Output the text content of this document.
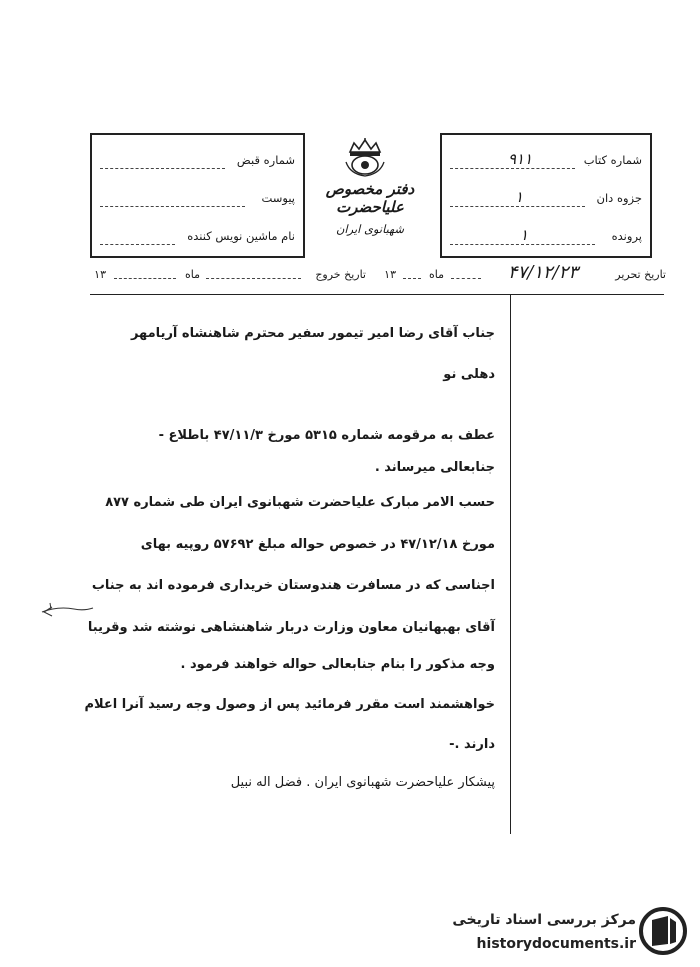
شماره کتاب
۹۱۱
جزوه دان
۱
پرونده
۱
دفتر مخصوص علیاحضرت
شهبانوی ایران
شماره قبض
پیوست
نام ماشین نویس کننده
تاریخ تحریر
۴۷/۱۲/۲۳
ماه
۱۳
تاریخ خروج
ماه
۱۳
جناب آقای رضا امیر تیمور سفیر محترم شاهنشاه آریامهر
دهلی نو
عطف به مرقومه شماره ۵۳۱۵ مورخ ۴۷/۱۱/۳ باطلاع -
جنابعالی میرساند .
حسب الامر مبارک علیاحضرت شهبانوی ایران طی شماره ۸۷۷
مورخ ۴۷/۱۲/۱۸ در خصوص حواله مبلغ ۵۷۶۹۲ روپیه بهای
اجناسی که در مسافرت هندوستان خریداری فرموده اند به جناب
آقای بهبهانیان معاون وزارت دربار شاهنشاهی نوشته شد وقریبا
وجه مذکور را بنام جنابعالی حواله خواهند فرمود .
خواهشمند است مقرر فرمائید پس از وصول وجه رسید آنرا اعلام
دارند .-
پیشکار علیاحضرت شهبانوی ایران . فضل اله نبیل
مرکز بررسی اسناد تاریخی
historydocuments.ir
